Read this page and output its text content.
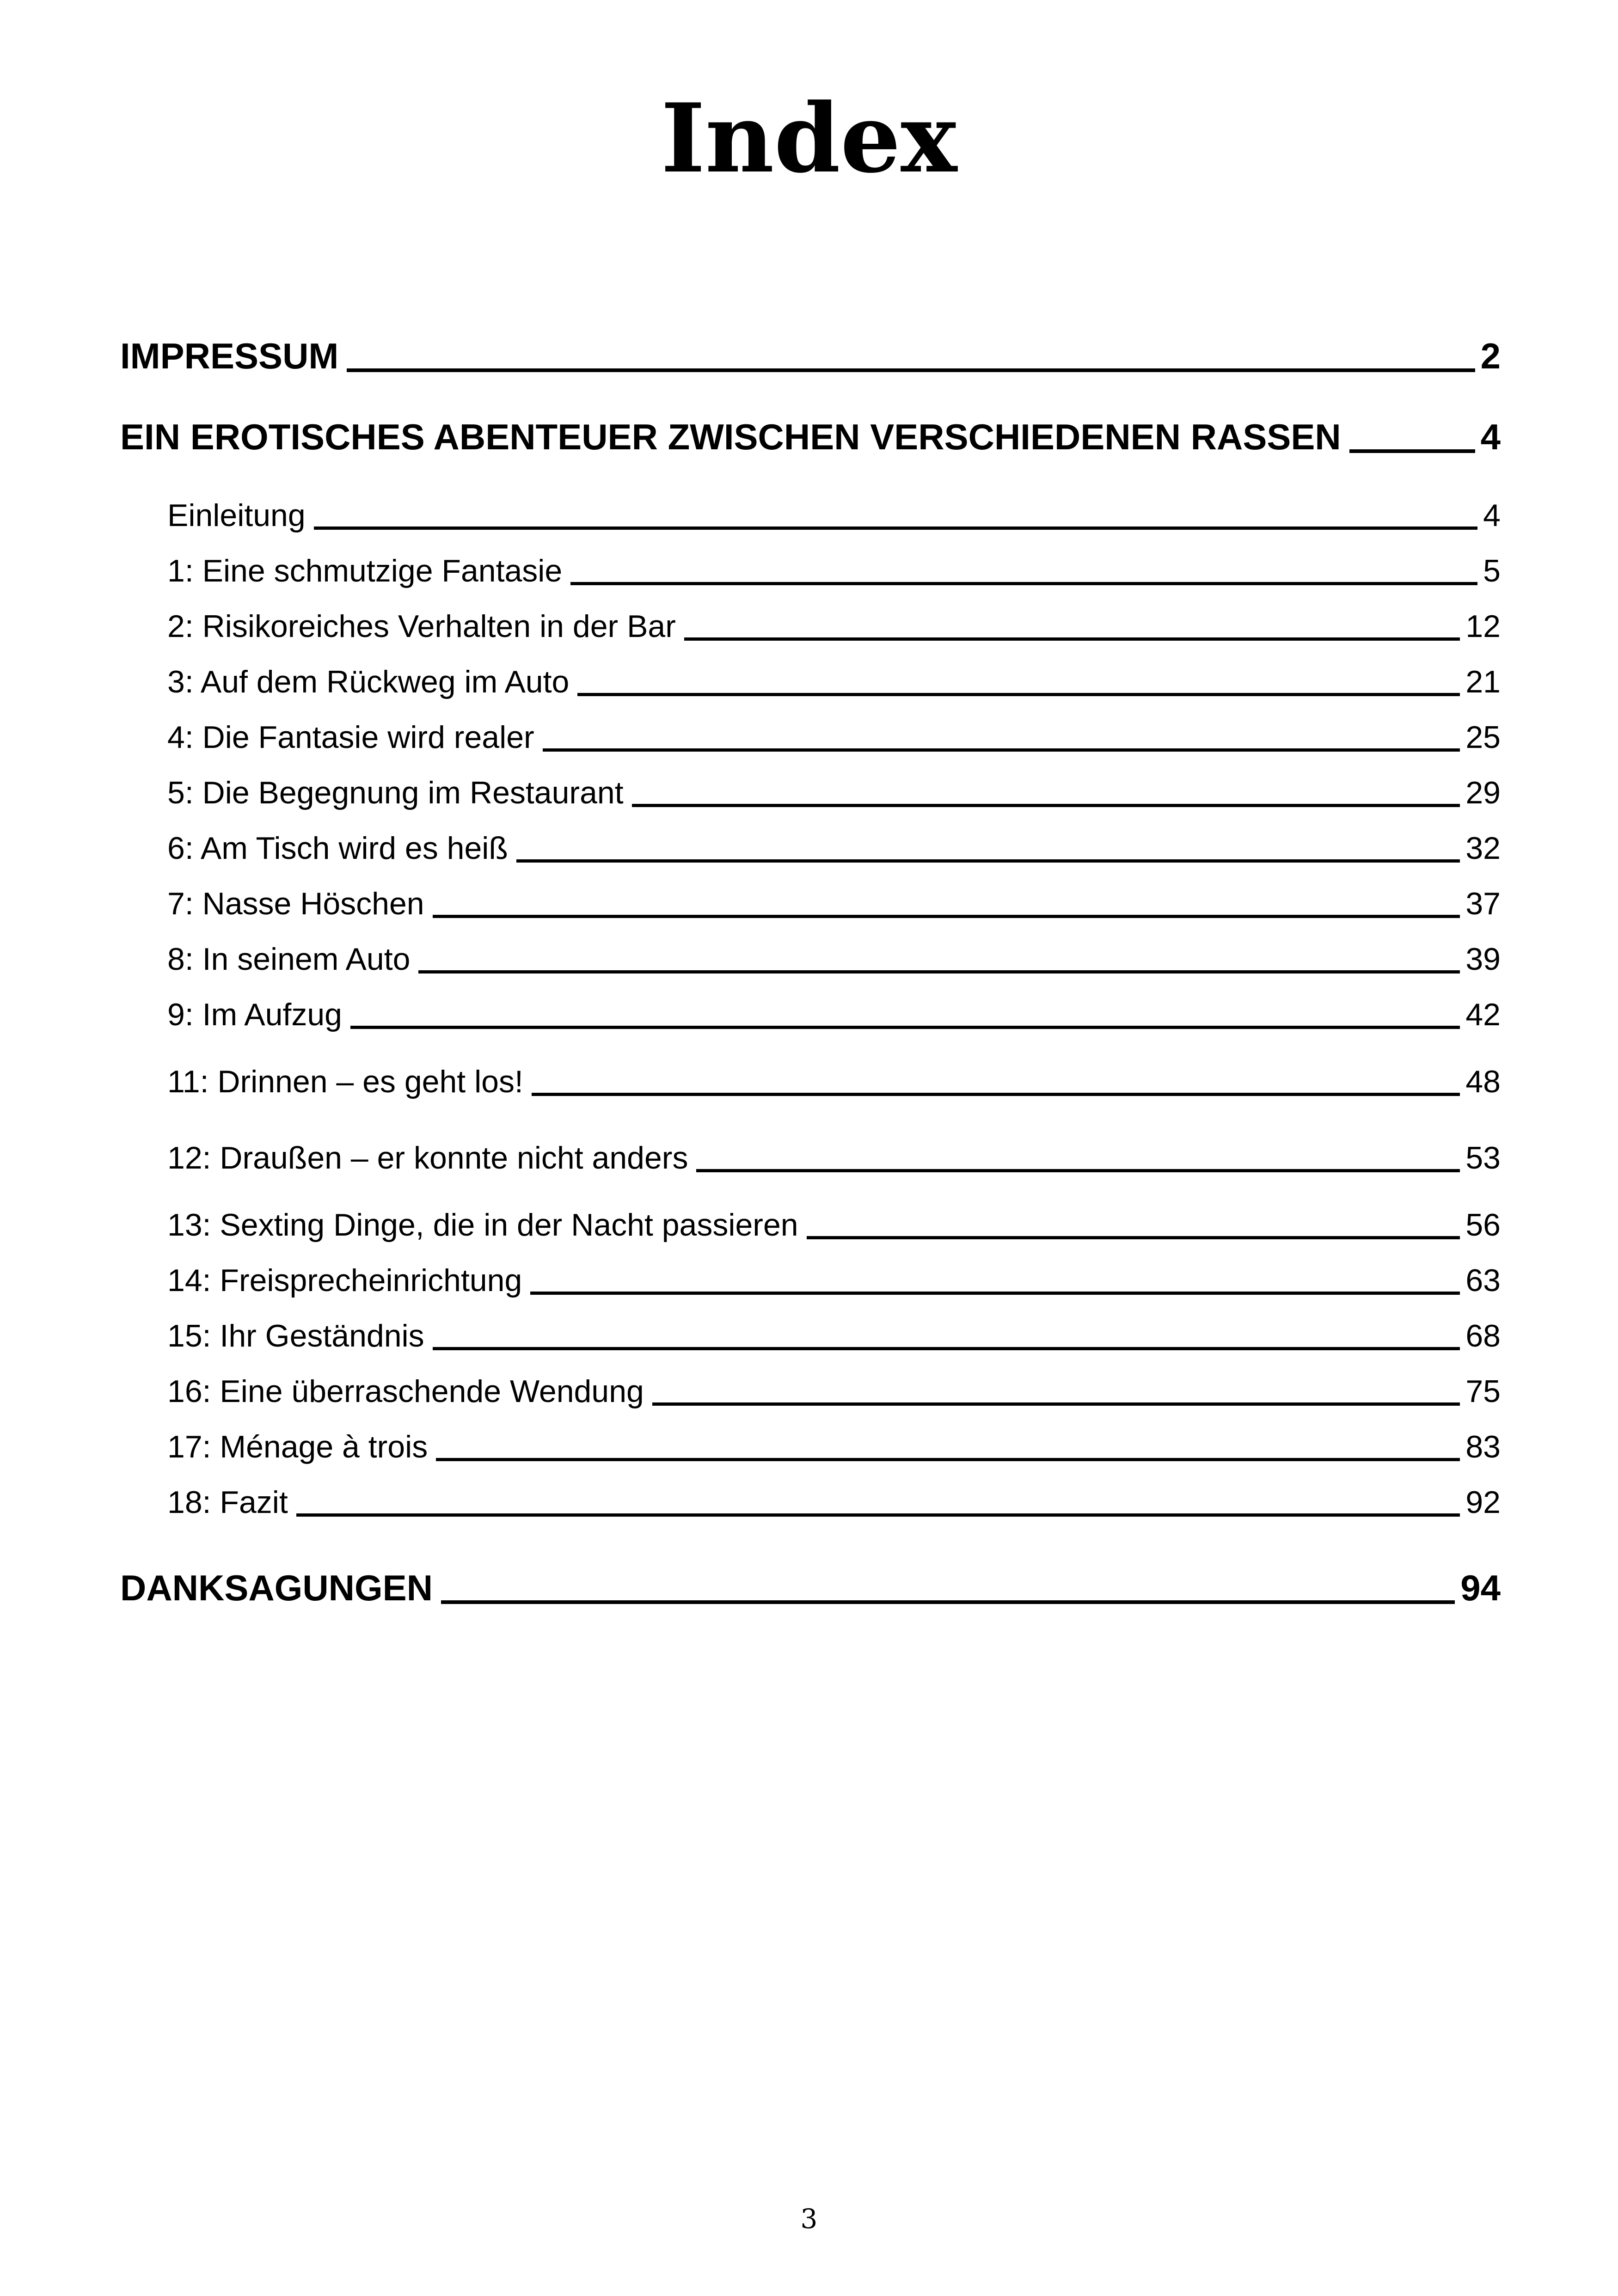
Index
IMPRESSUM	2
EIN EROTISCHES ABENTEUER ZWISCHEN VERSCHIEDENEN RASSEN	4
Einleitung	4
1: Eine schmutzige Fantasie	5
2: Risikoreiches Verhalten in der Bar	12
3: Auf dem Rückweg im Auto	21
4: Die Fantasie wird realer	25
5: Die Begegnung im Restaurant	29
6: Am Tisch wird es heiß	32
7: Nasse Höschen	37
8: In seinem Auto	39
9: Im Aufzug	42
11: Drinnen – es geht los!	48
12: Draußen – er konnte nicht anders	53
13: Sexting Dinge, die in der Nacht passieren	56
14: Freisprecheinrichtung	63
15: Ihr Geständnis	68
16: Eine überraschende Wendung	75
17: Ménage à trois	83
18: Fazit	92
DANKSAGUNGEN	94
3
